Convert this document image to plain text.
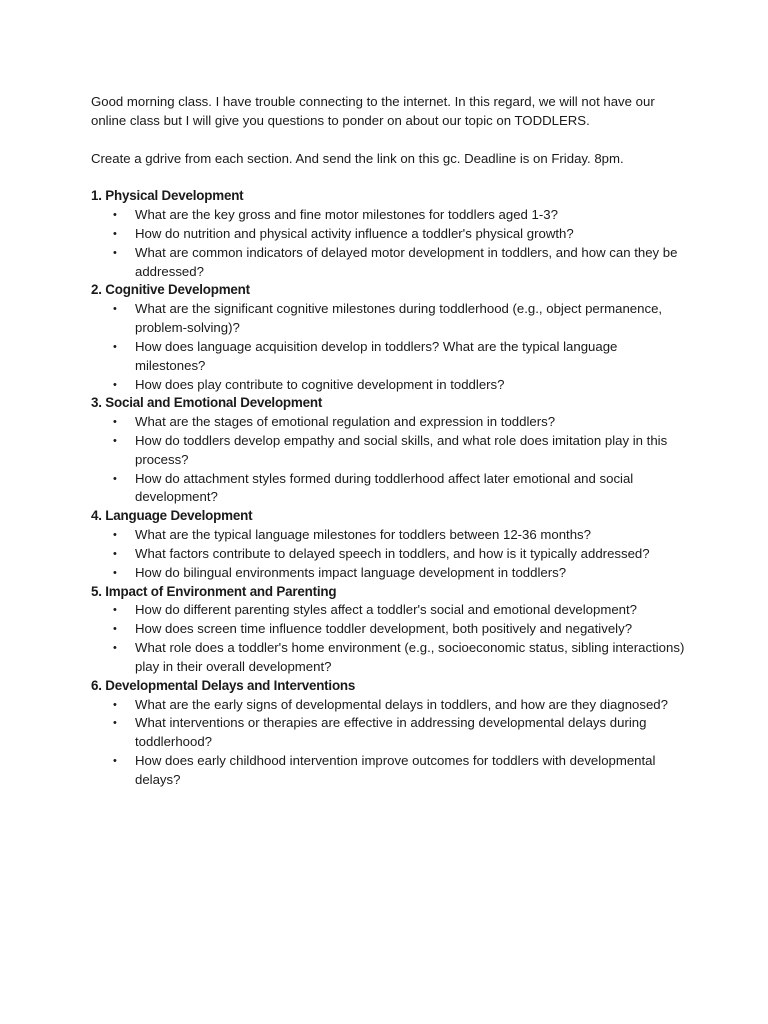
Good morning class. I have trouble connecting to the internet. In this regard, we will not have our online class but I will give you questions to ponder on about our topic on TODDLERS.

Create a gdrive from each section. And send the link on this gc. Deadline is on Friday. 8pm.

1. Physical Development

• What are the key gross and fine motor milestones for toddlers aged 1-3?
• How do nutrition and physical activity influence a toddler's physical growth?
• What are common indicators of delayed motor development in toddlers, and how can they be addressed?

2. Cognitive Development

• What are the significant cognitive milestones during toddlerhood (e.g., object permanence, problem-solving)?
• How does language acquisition develop in toddlers? What are the typical language milestones?
• How does play contribute to cognitive development in toddlers?

3. Social and Emotional Development

• What are the stages of emotional regulation and expression in toddlers?
• How do toddlers develop empathy and social skills, and what role does imitation play in this process?
• How do attachment styles formed during toddlerhood affect later emotional and social development?

4. Language Development

• What are the typical language milestones for toddlers between 12-36 months?
• What factors contribute to delayed speech in toddlers, and how is it typically addressed?
• How do bilingual environments impact language development in toddlers?

5. Impact of Environment and Parenting

• How do different parenting styles affect a toddler's social and emotional development?
• How does screen time influence toddler development, both positively and negatively?
• What role does a toddler's home environment (e.g., socioeconomic status, sibling interactions) play in their overall development?

6. Developmental Delays and Interventions

• What are the early signs of developmental delays in toddlers, and how are they diagnosed?
• What interventions or therapies are effective in addressing developmental delays during toddlerhood?
• How does early childhood intervention improve outcomes for toddlers with developmental delays?
